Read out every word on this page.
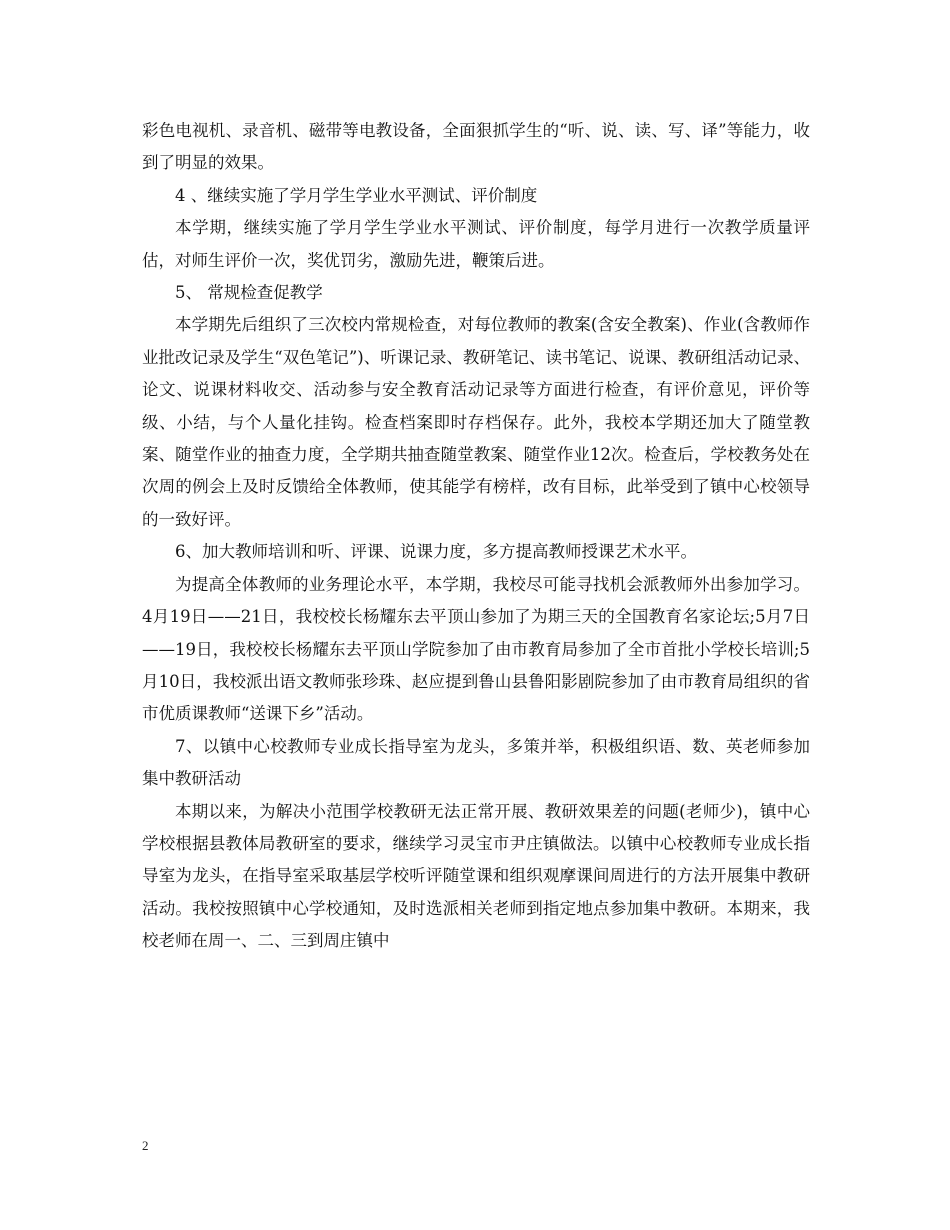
彩色电视机、录音机、磁带等电教设备，全面狠抓学生的“听、说、读、写、译”等能力，收到了明显的效果。

4 、继续实施了学月学生学业水平测试、评价制度

本学期，继续实施了学月学生学业水平测试、评价制度，每学月进行一次教学质量评估，对师生评价一次，奖优罚劣，激励先进，鞭策后进。

5、 常规检查促教学

本学期先后组织了三次校内常规检查，对每位教师的教案(含安全教案)、作业(含教师作业批改记录及学生“双色笔记”)、听课记录、教研笔记、读书笔记、说课、教研组活动记录、论文、说课材料收交、活动参与安全教育活动记录等方面进行检查，有评价意见，评价等级、小结，与个人量化挂钩。检查档案即时存档保存。此外，我校本学期还加大了随堂教案、随堂作业的抽查力度，全学期共抽查随堂教案、随堂作业12次。检查后，学校教务处在次周的例会上及时反馈给全体教师，使其能学有榜样，改有目标，此举受到了镇中心校领导的一致好评。

6、加大教师培训和听、评课、说课力度，多方提高教师授课艺术水平。

为提高全体教师的业务理论水平，本学期，我校尽可能寻找机会派教师外出参加学习。4月19日——21日，我校校长杨耀东去平顶山参加了为期三天的全国教育名家论坛;5月7日——19日，我校校长杨耀东去平顶山学院参加了由市教育局参加了全市首批小学校长培训;5月10日，我校派出语文教师张珍珠、赵应提到鲁山县鲁阳影剧院参加了由市教育局组织的省市优质课教师“送课下乡”活动。

7、以镇中心校教师专业成长指导室为龙头，多策并举，积极组织语、数、英老师参加集中教研活动

本期以来，为解决小范围学校教研无法正常开展、教研效果差的问题(老师少)，镇中心学校根据县教体局教研室的要求，继续学习灵宝市尹庄镇做法。以镇中心校教师专业成长指导室为龙头，在指导室采取基层学校听评随堂课和组织观摩课间周进行的方法开展集中教研活动。我校按照镇中心学校通知，及时选派相关老师到指定地点参加集中教研。本期来，我校老师在周一、二、三到周庄镇中

2
